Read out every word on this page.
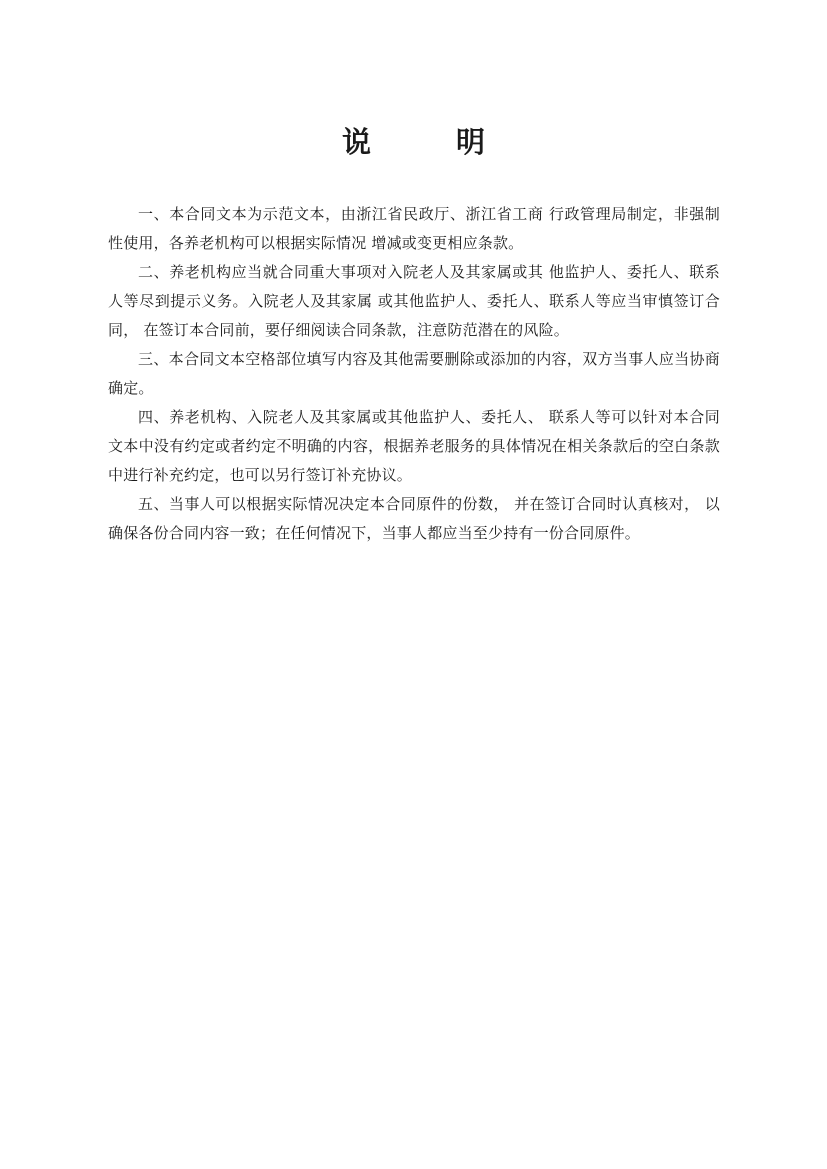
说　明

一、本合同文本为示范文本，由浙江省民政厅、浙江省工商 行政管理局制定，非强制性使用，各养老机构可以根据实际情况 增减或变更相应条款。

二、养老机构应当就合同重大事项对入院老人及其家属或其 他监护人、委托人、联系人等尽到提示义务。入院老人及其家属 或其他监护人、委托人、联系人等应当审慎签订合同， 在签订本合同前，要仔细阅读合同条款，注意防范潜在的风险。

三、本合同文本空格部位填写内容及其他需要删除或添加的内容，双方当事人应当协商确定。

四、养老机构、入院老人及其家属或其他监护人、委托人、 联系人等可以针对本合同文本中没有约定或者约定不明确的内容，根据养老服务的具体情况在相关条款后的空白条款中进行补充约定，也可以另行签订补充协议。

五、当事人可以根据实际情况决定本合同原件的份数， 并在签订合同时认真核对， 以确保各份合同内容一致；在任何情况下，当事人都应当至少持有一份合同原件。
